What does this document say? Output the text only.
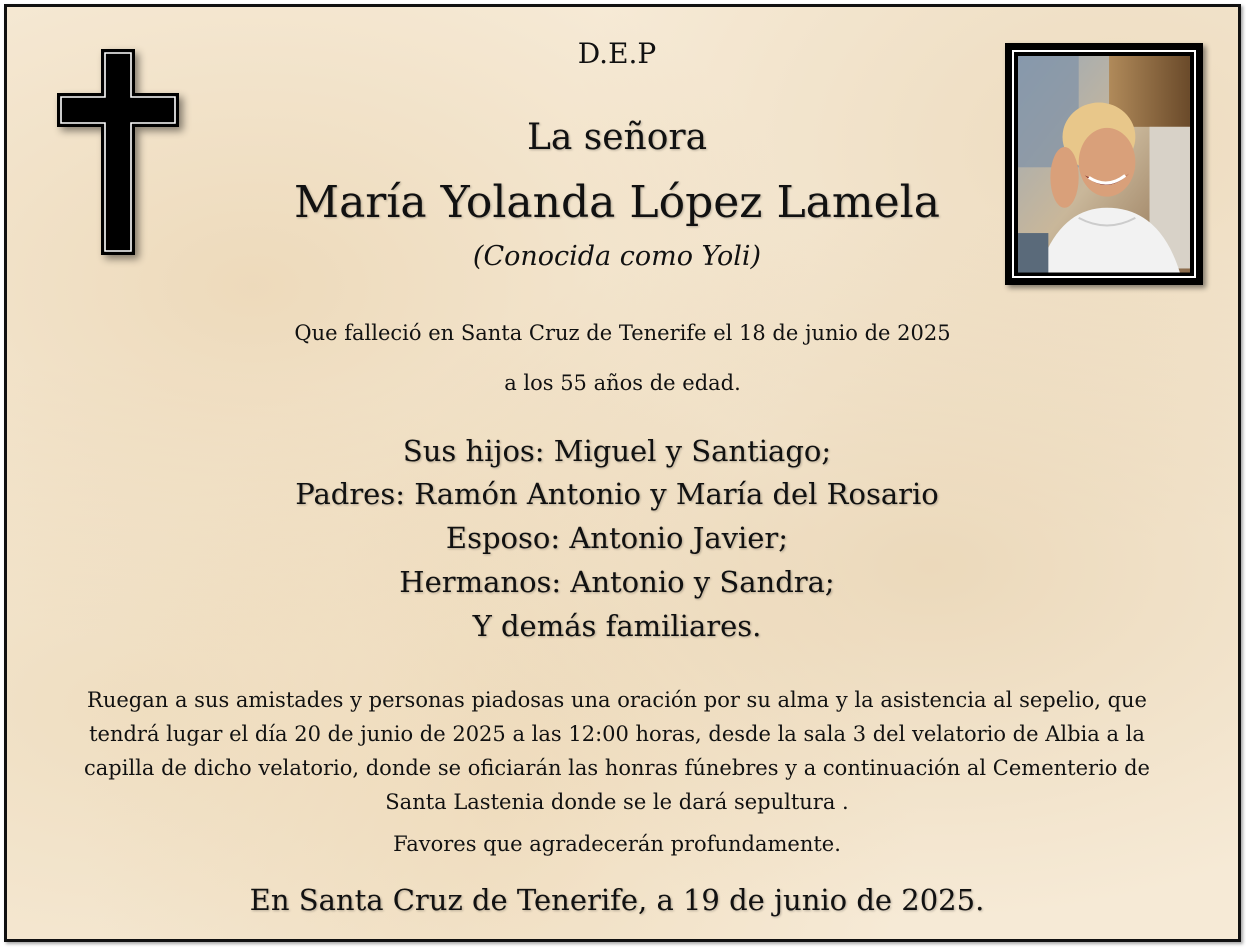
D.E.P
La señora
María Yolanda López Lamela
(Conocida como Yoli)
Que falleció en Santa Cruz de Tenerife el 18 de junio de 2025
a los 55 años de edad.
Sus hijos: Miguel y Santiago;
Padres: Ramón Antonio y María del Rosario
Esposo: Antonio Javier;
Hermanos: Antonio y Sandra;
Y demás familiares.
Ruegan a sus amistades y personas piadosas una oración por su alma y la asistencia al sepelio, que tendrá lugar el día 20 de junio de 2025 a las 12:00 horas, desde la sala 3 del velatorio de Albia a la capilla de dicho velatorio, donde se oficiarán las honras fúnebres y a continuación al Cementerio de Santa Lastenia donde se le dará sepultura .
Favores que agradecerán profundamente.
En Santa Cruz de Tenerife, a 19 de junio de 2025.
